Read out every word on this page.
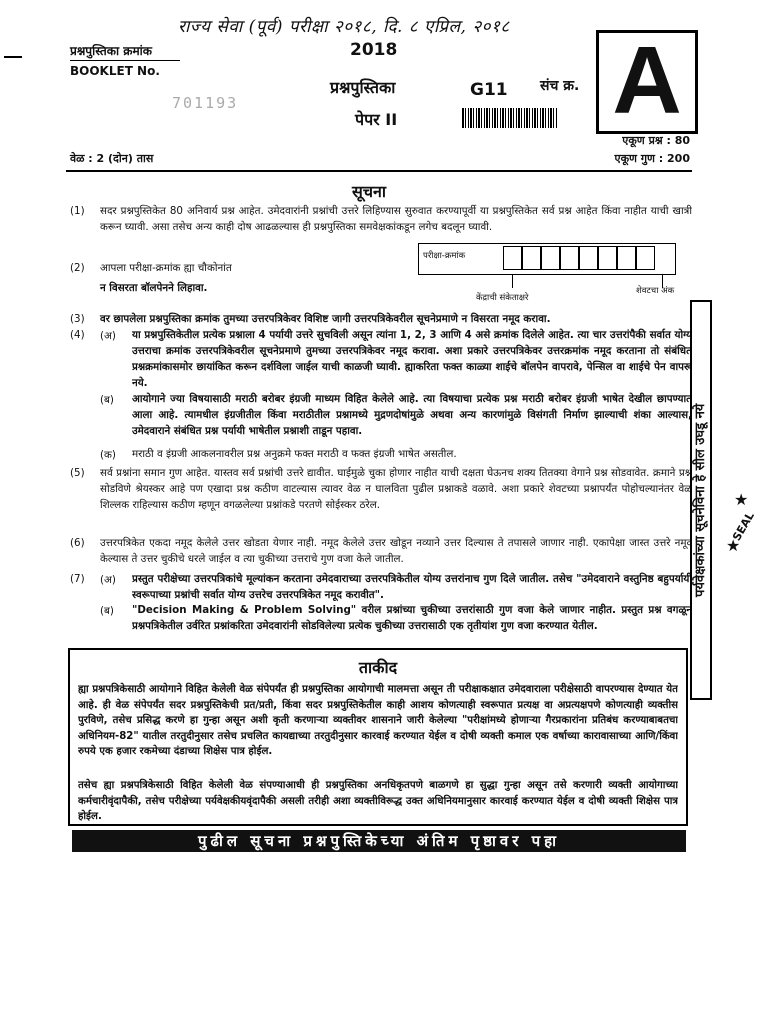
राज्य सेवा (पूर्व) परीक्षा २०१८, दि. ८ एप्रिल, २०१८
प्रश्नपुस्तिका क्रमांक
BOOKLET No.
701193
2018
प्रश्नपुस्तिका
पेपर II
G11 संच क्र. A
एकूण प्रश्न : 80
एकूण गुण : 200
वेळ : 2 (दोन) तास
सूचना
(1) सदर प्रश्नपुस्तिकेत 80 अनिवार्य प्रश्न आहेत. उमेदवारांनी प्रश्नांची उत्तरे लिहिण्यास सुरुवात करण्यापूर्वी या प्रश्नपुस्तिकेत सर्व प्रश्न आहेत किंवा नाहीत याची खात्री करून घ्यावी. असा तसेच अन्य काही दोष आढळल्यास ही प्रश्नपुस्तिका समवेक्षकांकडून लगेच बदलून घ्यावी.
(2) आपला परीक्षा-क्रमांक ह्या चौकोनांत
न विसरता बॉलपेनने लिहावा.
परीक्षा-क्रमांक
केंद्राची संकेताक्षरे
शेवटचा अंक
(3) वर छापलेला प्रश्नपुस्तिका क्रमांक तुमच्या उत्तरपत्रिकेवर विशिष्ट जागी उत्तरपत्रिकेवरील सूचनेप्रमाणे न विसरता नमूद करावा.
(4) (अ) या प्रश्नपुस्तिकेतील प्रत्येक प्रश्नाला 4 पर्यायी उत्तरे सुचविली असून त्यांना 1, 2, 3 आणि 4 असे क्रमांक दिलेले आहेत. त्या चार उत्तरांपैकी सर्वात योग्य उत्तराचा क्रमांक उत्तरपत्रिकेवरील सूचनेप्रमाणे तुमच्या उत्तरपत्रिकेवर नमूद करावा. अशा प्रकारे उत्तरपत्रिकेवर उत्तरक्रमांक नमूद करताना तो संबंधित प्रश्नक्रमांकासमोर छायांकित करून दर्शविला जाईल याची काळजी घ्यावी. ह्याकरिता फक्त काळ्या शाईचे बॉलपेन वापरावे, पेन्सिल वा शाईचे पेन वापरू नये.
(ब) आयोगाने ज्या विषयासाठी मराठी बरोबर इंग्रजी माध्यम विहित केलेले आहे. त्या विषयाचा प्रत्येक प्रश्न मराठी बरोबर इंग्रजी भाषेत देखील छापण्यात आला आहे. त्यामधील इंग्रजीतील किंवा मराठीतील प्रश्नामध्ये मुद्रणदोषांमुळे अथवा अन्य कारणांमुळे विसंगती निर्माण झाल्याची शंका आल्यास, उमेदवाराने संबंधित प्रश्न पर्यायी भाषेतील प्रश्नाशी ताडून पहावा.
(क) मराठी व इंग्रजी आकलनावरील प्रश्न अनुक्रमे फक्त मराठी व फक्त इंग्रजी भाषेत असतील.
(5) सर्व प्रश्नांना समान गुण आहेत. यास्तव सर्व प्रश्नांची उत्तरे द्यावीत. घाईमुळे चुका होणार नाहीत याची दक्षता घेऊनच शक्य तितक्या वेगाने प्रश्न सोडवावेत. क्रमाने प्रश्न सोडविणे श्रेयस्कर आहे पण एखादा प्रश्न कठीण वाटल्यास त्यावर वेळ न घालविता पुढील प्रश्नाकडे वळावे. अशा प्रकारे शेवटच्या प्रश्नापर्यंत पोहोचल्यानंतर वेळ शिल्लक राहिल्यास कठीण म्हणून वगळलेल्या प्रश्नांकडे परतणे सोईस्कर ठरेल.
(6) उत्तरपत्रिकेत एकदा नमूद केलेले उत्तर खोडता येणार नाही. नमूद केलेले उत्तर खोडून नव्याने उत्तर दिल्यास ते तपासले जाणार नाही. एकापेक्षा जास्त उत्तरे नमूद केल्यास ते उत्तर चुकीचे धरले जाईल व त्या चुकीच्या उत्तराचे गुण वजा केले जातील.
(7) (अ) प्रस्तुत परीक्षेच्या उत्तरपत्रिकांचे मूल्यांकन करताना उमेदवाराच्या उत्तरपत्रिकेतील योग्य उत्तरांनाच गुण दिले जातील. तसेच "उमेदवाराने वस्तुनिष्ठ बहुपर्यायी स्वरूपाच्या प्रश्नांची सर्वात योग्य उत्तरेच उत्तरपत्रिकेत नमूद करावीत".
(ब) "Decision Making & Problem Solving" वरील प्रश्नांच्या चुकीच्या उत्तरांसाठी गुण वजा केले जाणार नाहीत. प्रस्तुत प्रश्न वगळून प्रश्नपत्रिकेतील उर्वरित प्रश्नांकरिता उमेदवारांनी सोडविलेल्या प्रत्येक चुकीच्या उत्तरासाठी एक तृतीयांश गुण वजा करण्यात येतील.
ताकीद
ह्या प्रश्नपत्रिकेसाठी आयोगाने विहित केलेली वेळ संपेपर्यंत ही प्रश्नपुस्तिका आयोगाची मालमत्ता असून ती परीक्षाकक्षात उमेदवाराला परीक्षेसाठी वापरण्यास देण्यात येत आहे. ही वेळ संपेपर्यंत सदर प्रश्नपुस्तिकेची प्रत/प्रती, किंवा सदर प्रश्नपुस्तिकेतील काही आशय कोणत्याही स्वरूपात प्रत्यक्ष वा अप्रत्यक्षपणे कोणत्याही व्यक्तीस पुरविणे, तसेच प्रसिद्ध करणे हा गुन्हा असून अशी कृती करणाऱ्या व्यक्तीवर शासनाने जारी केलेल्या "परीक्षांमध्ये होणाऱ्या गैरप्रकारांना प्रतिबंध करण्याबाबतचा अधिनियम-82" यातील तरतुदीनुसार तसेच प्रचलित कायद्याच्या तरतुदीनुसार कारवाई करण्यात येईल व दोषी व्यक्ती कमाल एक वर्षाच्या कारावासाच्या आणि/किंवा रुपये एक हजार रकमेच्या दंडाच्या शिक्षेस पात्र होईल.
तसेच ह्या प्रश्नपत्रिकेसाठी विहित केलेली वेळ संपण्याआधी ही प्रश्नपुस्तिका अनधिकृतपणे बाळगणे हा सुद्धा गुन्हा असून तसे करणारी व्यक्ती आयोगाच्या कर्मचारीवृंदापैकी, तसेच परीक्षेच्या पर्यवेक्षकीयवृंदापैकी असली तरीही अशा व्यक्तीविरूद्ध उक्त अधिनियमानुसार कारवाई करण्यात येईल व दोषी व्यक्ती शिक्षेस पात्र होईल.
पुढील सूचना प्रश्नपुस्तिकेच्या अंतिम पृष्ठावर पहा
पर्यवेक्षकांच्या सूचनेविना हे सील उघडू नये SEAL
★
★
